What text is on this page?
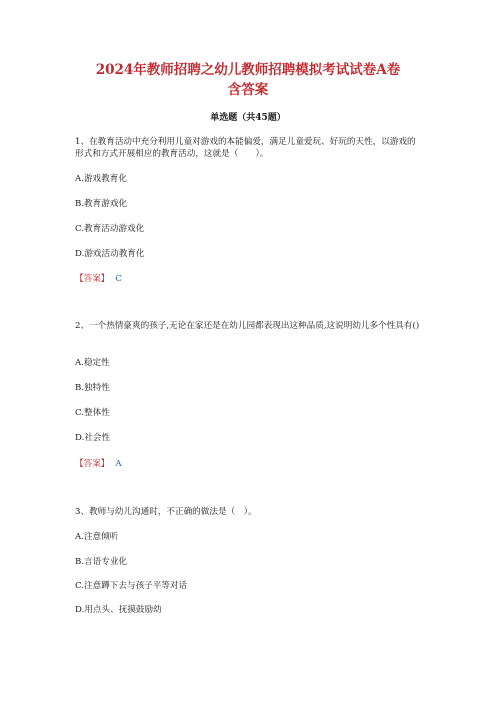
2024年教师招聘之幼儿教师招聘模拟考试试卷A卷
含答案
单选题（共45题）
1、在教育活动中充分利用儿童对游戏的本能偏爱，满足儿童爱玩、好玩的天性，以游戏的形式和方式开展相应的教育活动，这就是（　　）。
A.游戏教育化
B.教育游戏化
C.教育活动游戏化
D.游戏活动教育化
【答案】 C
2、一个热情豪爽的孩子,无论在家还是在幼儿园都表现出这种品质,这说明幼儿多个性具有()
A.稳定性
B.独特性
C.整体性
D.社会性
【答案】 A
3、教师与幼儿沟通时，不正确的做法是（　）。
A.注意倾听
B.言语专业化
C.注意蹲下去与孩子平等对话
D.用点头、抚摸鼓励幼
